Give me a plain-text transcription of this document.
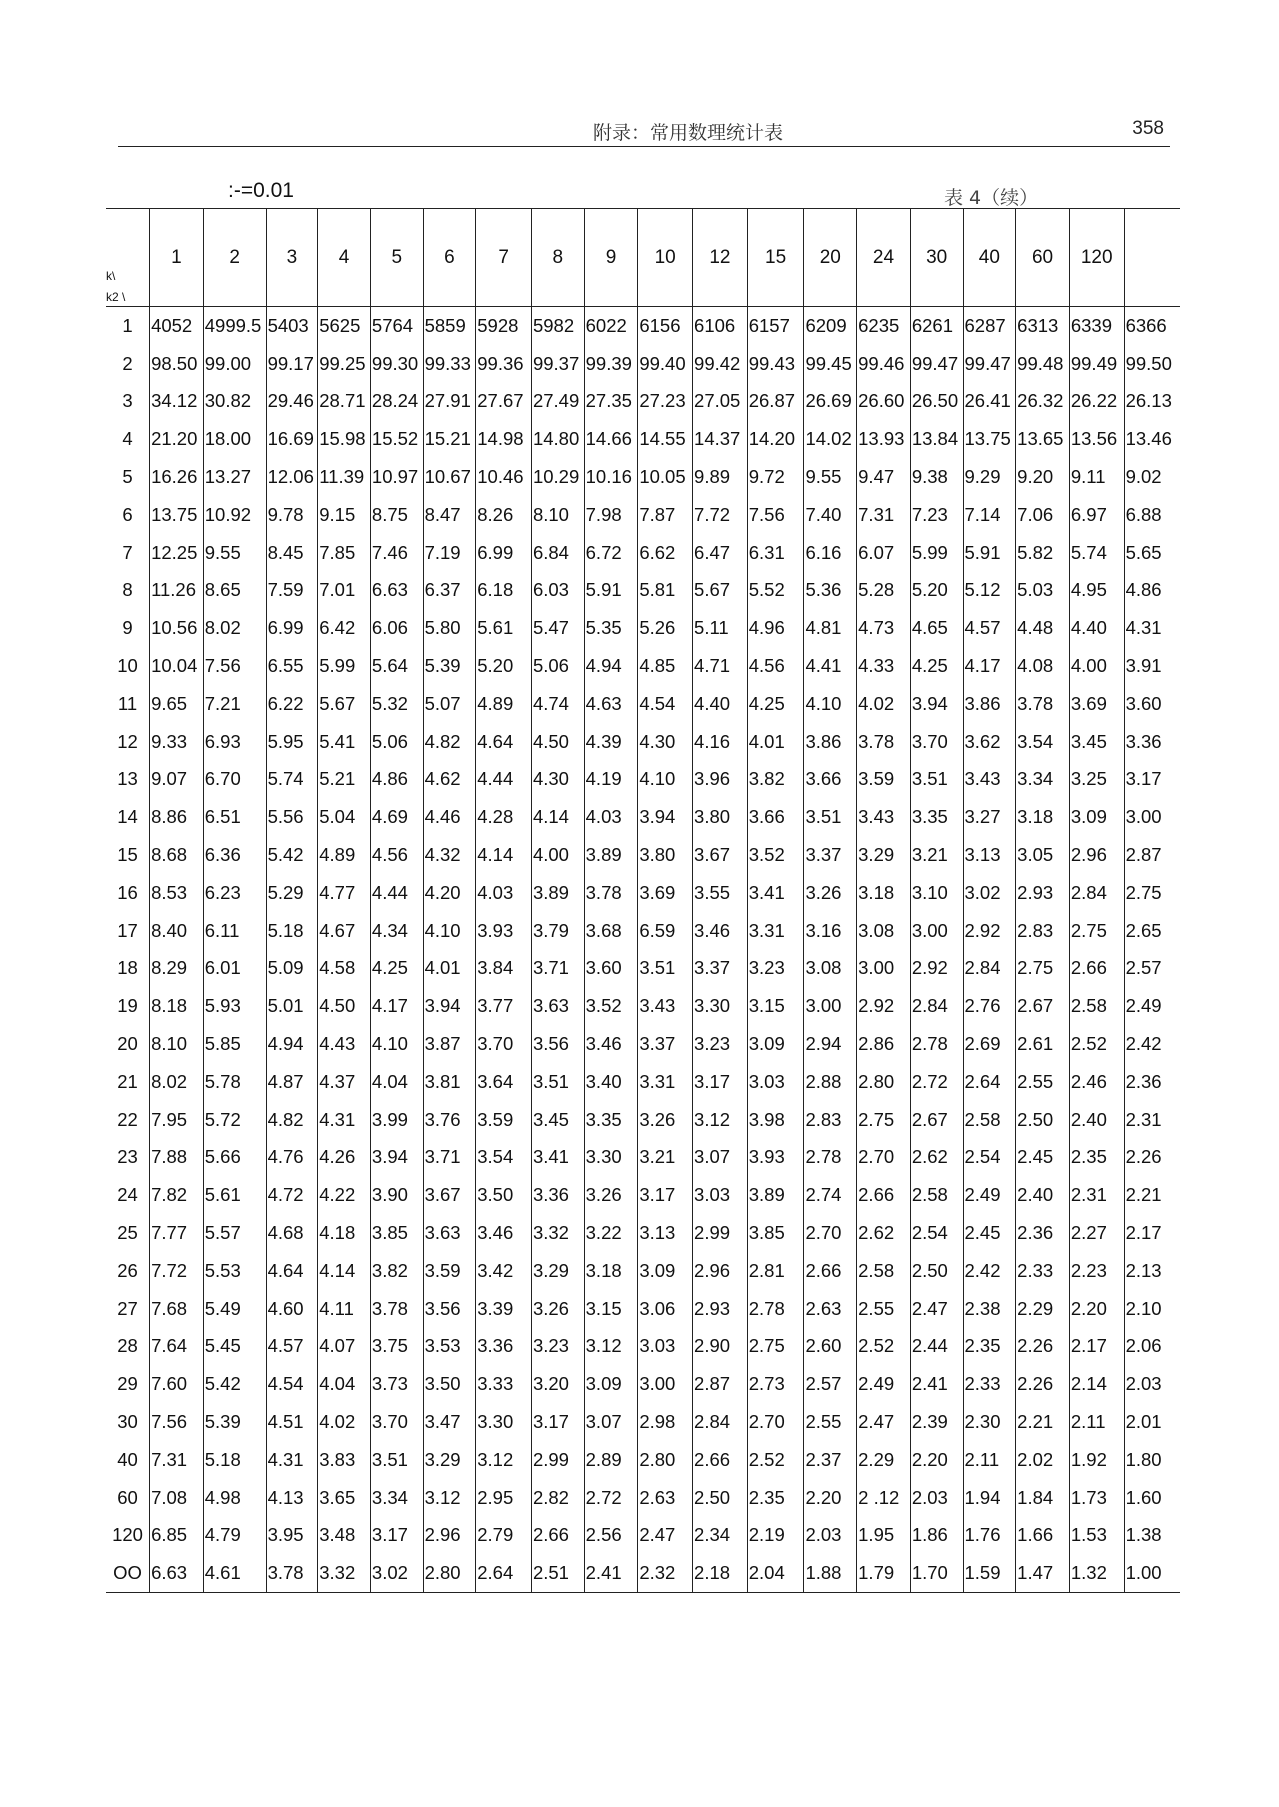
附录：常用数理统计表	358
:-=0.01	表 4（续）
k\
k2 \	1	2	3	4	5	6	7	8	9	10	12	15	20	24	30	40	60	120	
1	4052	4999.5	5403	5625	5764	5859	5928	5982	6022	6156	6106	6157	6209	6235	6261	6287	6313	6339	6366
2	98.50	99.00	99.17	99.25	99.30	99.33	99.36	99.37	99.39	99.40	99.42	99.43	99.45	99.46	99.47	99.47	99.48	99.49	99.50
3	34.12	30.82	29.46	28.71	28.24	27.91	27.67	27.49	27.35	27.23	27.05	26.87	26.69	26.60	26.50	26.41	26.32	26.22	26.13
4	21.20	18.00	16.69	15.98	15.52	15.21	14.98	14.80	14.66	14.55	14.37	14.20	14.02	13.93	13.84	13.75	13.65	13.56	13.46
5	16.26	13.27	12.06	11.39	10.97	10.67	10.46	10.29	10.16	10.05	9.89	9.72	9.55	9.47	9.38	9.29	9.20	9.11	9.02
6	13.75	10.92	9.78	9.15	8.75	8.47	8.26	8.10	7.98	7.87	7.72	7.56	7.40	7.31	7.23	7.14	7.06	6.97	6.88
7	12.25	9.55	8.45	7.85	7.46	7.19	6.99	6.84	6.72	6.62	6.47	6.31	6.16	6.07	5.99	5.91	5.82	5.74	5.65
8	11.26	8.65	7.59	7.01	6.63	6.37	6.18	6.03	5.91	5.81	5.67	5.52	5.36	5.28	5.20	5.12	5.03	4.95	4.86
9	10.56	8.02	6.99	6.42	6.06	5.80	5.61	5.47	5.35	5.26	5.11	4.96	4.81	4.73	4.65	4.57	4.48	4.40	4.31
10	10.04	7.56	6.55	5.99	5.64	5.39	5.20	5.06	4.94	4.85	4.71	4.56	4.41	4.33	4.25	4.17	4.08	4.00	3.91
11	9.65	7.21	6.22	5.67	5.32	5.07	4.89	4.74	4.63	4.54	4.40	4.25	4.10	4.02	3.94	3.86	3.78	3.69	3.60
12	9.33	6.93	5.95	5.41	5.06	4.82	4.64	4.50	4.39	4.30	4.16	4.01	3.86	3.78	3.70	3.62	3.54	3.45	3.36
13	9.07	6.70	5.74	5.21	4.86	4.62	4.44	4.30	4.19	4.10	3.96	3.82	3.66	3.59	3.51	3.43	3.34	3.25	3.17
14	8.86	6.51	5.56	5.04	4.69	4.46	4.28	4.14	4.03	3.94	3.80	3.66	3.51	3.43	3.35	3.27	3.18	3.09	3.00
15	8.68	6.36	5.42	4.89	4.56	4.32	4.14	4.00	3.89	3.80	3.67	3.52	3.37	3.29	3.21	3.13	3.05	2.96	2.87
16	8.53	6.23	5.29	4.77	4.44	4.20	4.03	3.89	3.78	3.69	3.55	3.41	3.26	3.18	3.10	3.02	2.93	2.84	2.75
17	8.40	6.11	5.18	4.67	4.34	4.10	3.93	3.79	3.68	6.59	3.46	3.31	3.16	3.08	3.00	2.92	2.83	2.75	2.65
18	8.29	6.01	5.09	4.58	4.25	4.01	3.84	3.71	3.60	3.51	3.37	3.23	3.08	3.00	2.92	2.84	2.75	2.66	2.57
19	8.18	5.93	5.01	4.50	4.17	3.94	3.77	3.63	3.52	3.43	3.30	3.15	3.00	2.92	2.84	2.76	2.67	2.58	2.49
20	8.10	5.85	4.94	4.43	4.10	3.87	3.70	3.56	3.46	3.37	3.23	3.09	2.94	2.86	2.78	2.69	2.61	2.52	2.42
21	8.02	5.78	4.87	4.37	4.04	3.81	3.64	3.51	3.40	3.31	3.17	3.03	2.88	2.80	2.72	2.64	2.55	2.46	2.36
22	7.95	5.72	4.82	4.31	3.99	3.76	3.59	3.45	3.35	3.26	3.12	3.98	2.83	2.75	2.67	2.58	2.50	2.40	2.31
23	7.88	5.66	4.76	4.26	3.94	3.71	3.54	3.41	3.30	3.21	3.07	3.93	2.78	2.70	2.62	2.54	2.45	2.35	2.26
24	7.82	5.61	4.72	4.22	3.90	3.67	3.50	3.36	3.26	3.17	3.03	3.89	2.74	2.66	2.58	2.49	2.40	2.31	2.21
25	7.77	5.57	4.68	4.18	3.85	3.63	3.46	3.32	3.22	3.13	2.99	3.85	2.70	2.62	2.54	2.45	2.36	2.27	2.17
26	7.72	5.53	4.64	4.14	3.82	3.59	3.42	3.29	3.18	3.09	2.96	2.81	2.66	2.58	2.50	2.42	2.33	2.23	2.13
27	7.68	5.49	4.60	4.11	3.78	3.56	3.39	3.26	3.15	3.06	2.93	2.78	2.63	2.55	2.47	2.38	2.29	2.20	2.10
28	7.64	5.45	4.57	4.07	3.75	3.53	3.36	3.23	3.12	3.03	2.90	2.75	2.60	2.52	2.44	2.35	2.26	2.17	2.06
29	7.60	5.42	4.54	4.04	3.73	3.50	3.33	3.20	3.09	3.00	2.87	2.73	2.57	2.49	2.41	2.33	2.26	2.14	2.03
30	7.56	5.39	4.51	4.02	3.70	3.47	3.30	3.17	3.07	2.98	2.84	2.70	2.55	2.47	2.39	2.30	2.21	2.11	2.01
40	7.31	5.18	4.31	3.83	3.51	3.29	3.12	2.99	2.89	2.80	2.66	2.52	2.37	2.29	2.20	2.11	2.02	1.92	1.80
60	7.08	4.98	4.13	3.65	3.34	3.12	2.95	2.82	2.72	2.63	2.50	2.35	2.20	2 .12	2.03	1.94	1.84	1.73	1.60
120	6.85	4.79	3.95	3.48	3.17	2.96	2.79	2.66	2.56	2.47	2.34	2.19	2.03	1.95	1.86	1.76	1.66	1.53	1.38
OO	6.63	4.61	3.78	3.32	3.02	2.80	2.64	2.51	2.41	2.32	2.18	2.04	1.88	1.79	1.70	1.59	1.47	1.32	1.00
